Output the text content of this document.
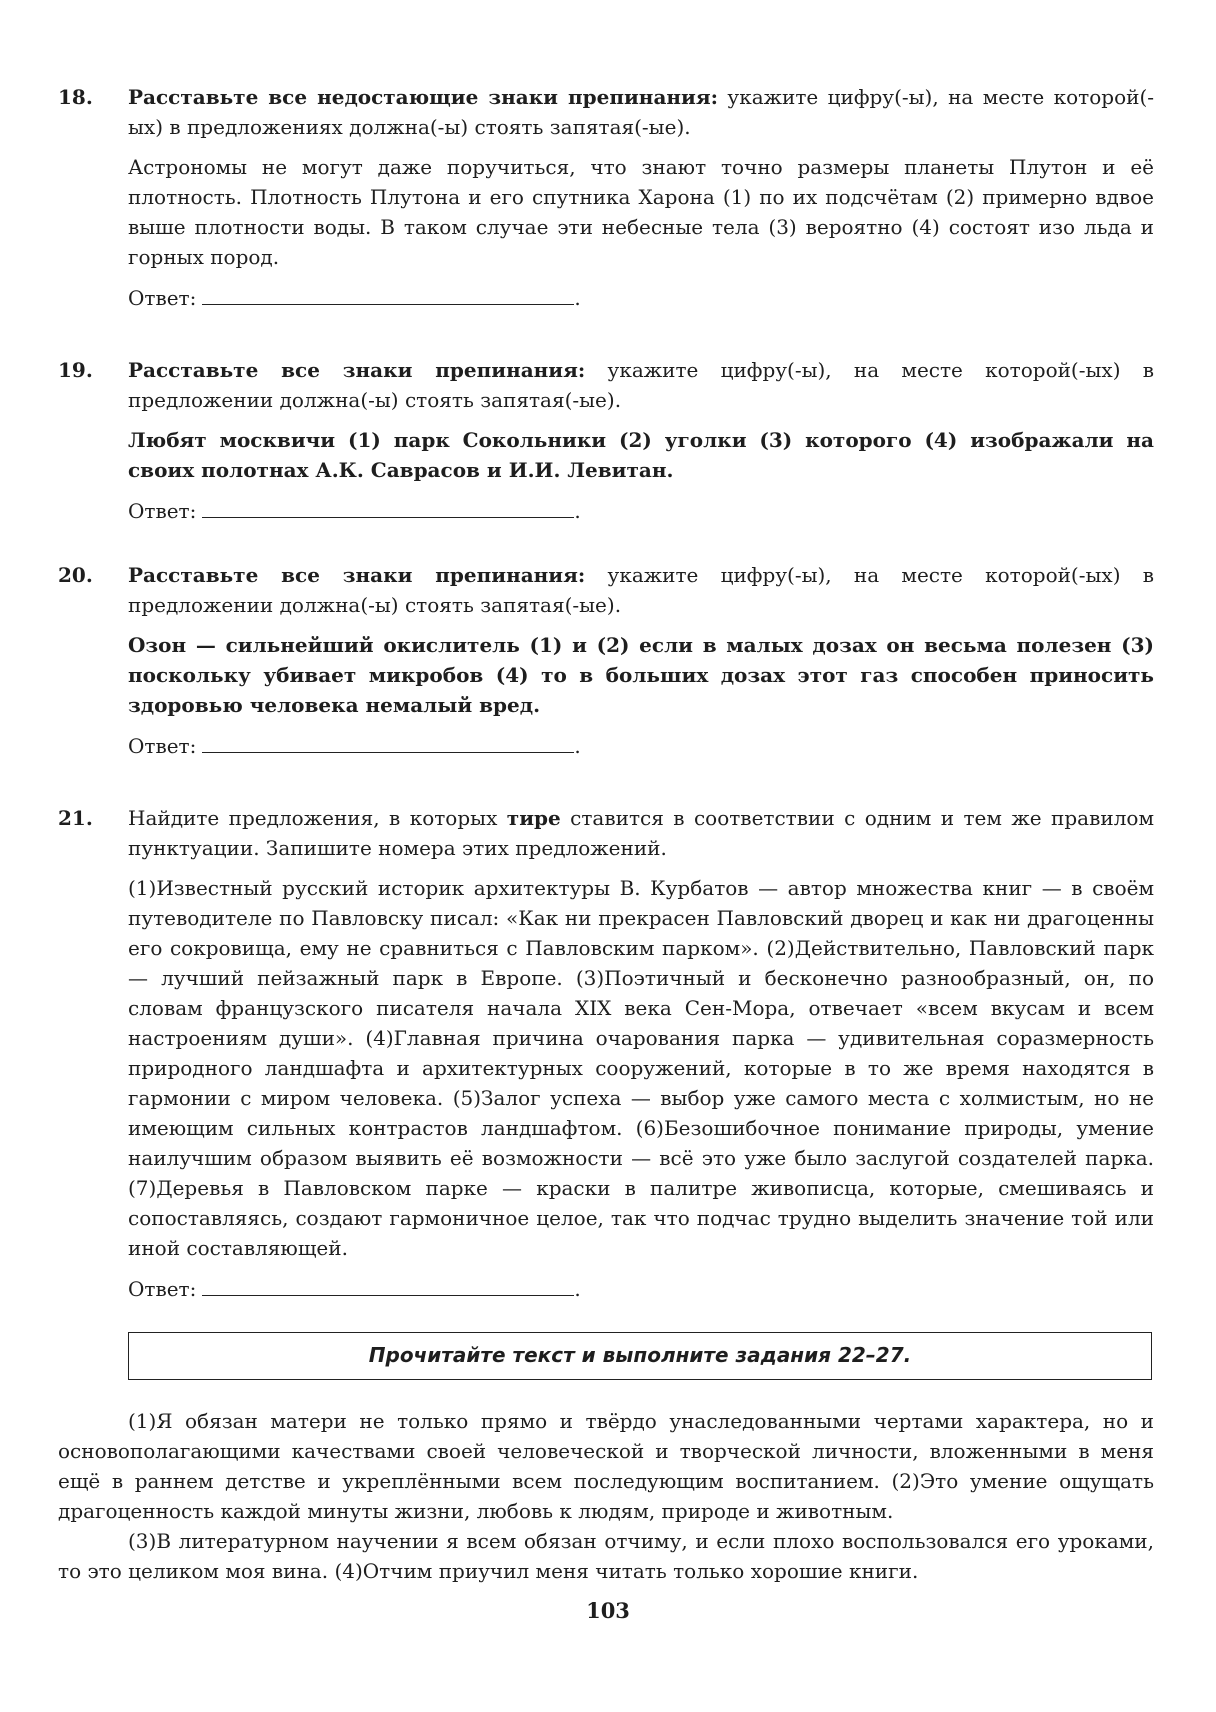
18. Расставьте все недостающие знаки препинания: укажите цифру(-ы), на месте которой(-ых) в предложениях должна(-ы) стоять запятая(-ые).

Астрономы не могут даже поручиться, что знают точно размеры планеты Плутон и её плотность. Плотность Плутона и его спутника Харона (1) по их подсчётам (2) примерно вдвое выше плотности воды. В таком случае эти небесные тела (3) вероятно (4) состоят изо льда и горных пород.

Ответ:	.

19. Расставьте все знаки препинания: укажите цифру(-ы), на месте которой(-ых) в предложении должна(-ы) стоять запятая(-ые).

Любят москвичи (1) парк Сокольники (2) уголки (3) которого (4) изображали на своих полотнах А.К. Саврасов и И.И. Левитан.

Ответ:	.

20. Расставьте все знаки препинания: укажите цифру(-ы), на месте которой(-ых) в предложении должна(-ы) стоять запятая(-ые).

Озон — сильнейший окислитель (1) и (2) если в малых дозах он весьма полезен (3) поскольку убивает микробов (4) то в больших дозах этот газ способен приносить здоровью человека немалый вред.

Ответ:	.

21. Найдите предложения, в которых тире ставится в соответствии с одним и тем же правилом пунктуации. Запишите номера этих предложений.

(1)Известный русский историк архитектуры В. Курбатов — автор множества книг — в своём путеводителе по Павловску писал: «Как ни прекрасен Павловский дворец и как ни драгоценны его сокровища, ему не сравниться с Павловским парком». (2)Действительно, Павловский парк — лучший пейзажный парк в Европе. (3)Поэтичный и бесконечно разнообразный, он, по словам французского писателя начала XIX века Сен-Мора, отвечает «всем вкусам и всем настроениям души». (4)Главная причина очарования парка — удивительная соразмерность природного ландшафта и архитектурных сооружений, которые в то же время находятся в гармонии с миром человека. (5)Залог успеха — выбор уже самого места с холмистым, но не имеющим сильных контрастов ландшафтом. (6)Безошибочное понимание природы, умение наилучшим образом выявить её возможности — всё это уже было заслугой создателей парка. (7)Деревья в Павловском парке — краски в палитре живописца, которые, смешиваясь и сопоставляясь, создают гармоничное целое, так что подчас трудно выделить значение той или иной составляющей.

Ответ:	.

Прочитайте текст и выполните задания 22–27.

(1)Я обязан матери не только прямо и твёрдо унаследованными чертами характера, но и основополагающими качествами своей человеческой и творческой личности, вложенными в меня ещё в раннем детстве и укреплёнными всем последующим воспитанием. (2)Это умение ощущать драгоценность каждой минуты жизни, любовь к людям, природе и животным.

(3)В литературном научении я всем обязан отчиму, и если плохо воспользовался его уроками, то это целиком моя вина. (4)Отчим приучил меня читать только хорошие книги.

103
